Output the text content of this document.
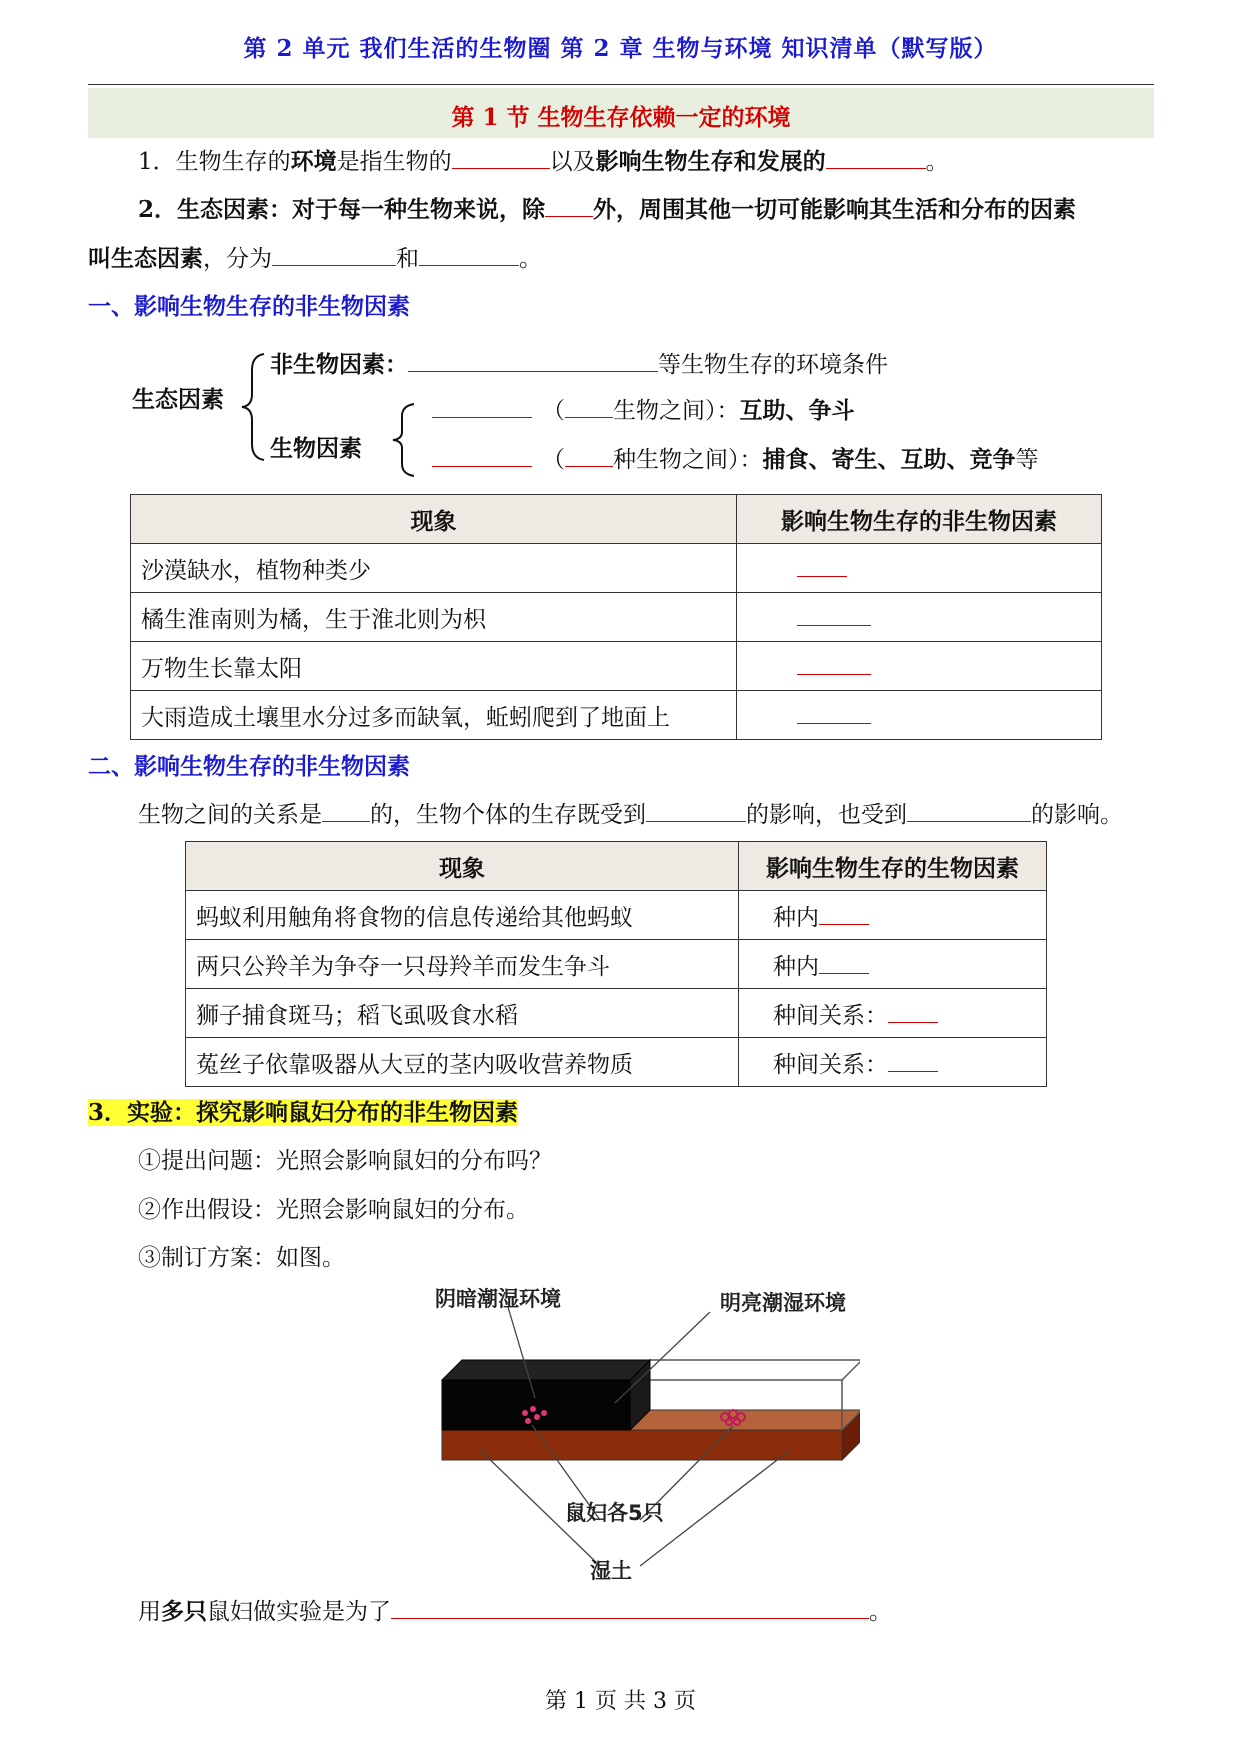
第 2 单元 我们生活的生物圈 第 2 章 生物与环境 知识清单（默写版）
第 1 节 生物生存依赖一定的环境
1．生物生存的环境是指生物的	以及影响生物生存和发展的	。
2．生态因素：对于每一种生物来说，除 外，周围其他一切可能影响其生活和分布的因素
叫生态因素，分为	和	。
一、影响生物生存的非生物因素
生态因素
非生物因素：	等生物生存的环境条件
生物因素
（ 生物之间）：互助、争斗
（ 种生物之间）：捕食、寄生、互助、竞争等
现象	影响生物生存的非生物因素
沙漠缺水，植物种类少	
橘生淮南则为橘，生于淮北则为枳	
万物生长靠太阳	
大雨造成土壤里水分过多而缺氧，蚯蚓爬到了地面上	
二、影响生物生存的非生物因素
生物之间的关系是 的，生物个体的生存既受到	的影响，也受到	的影响。
现象	影响生物生存的生物因素
蚂蚁利用触角将食物的信息传递给其他蚂蚁	种内
两只公羚羊为争夺一只母羚羊而发生争斗	种内
狮子捕食斑马；稻飞虱吸食水稻	种间关系：
菟丝子依靠吸器从大豆的茎内吸收营养物质	种间关系：
3．实验：探究影响鼠妇分布的非生物因素
①提出问题：光照会影响鼠妇的分布吗？
②作出假设：光照会影响鼠妇的分布。
③制订方案：如图。
阴暗潮湿环境	明亮潮湿环境
鼠妇各5只
湿土
用多只鼠妇做实验是为了	。
第 1 页 共 3 页
